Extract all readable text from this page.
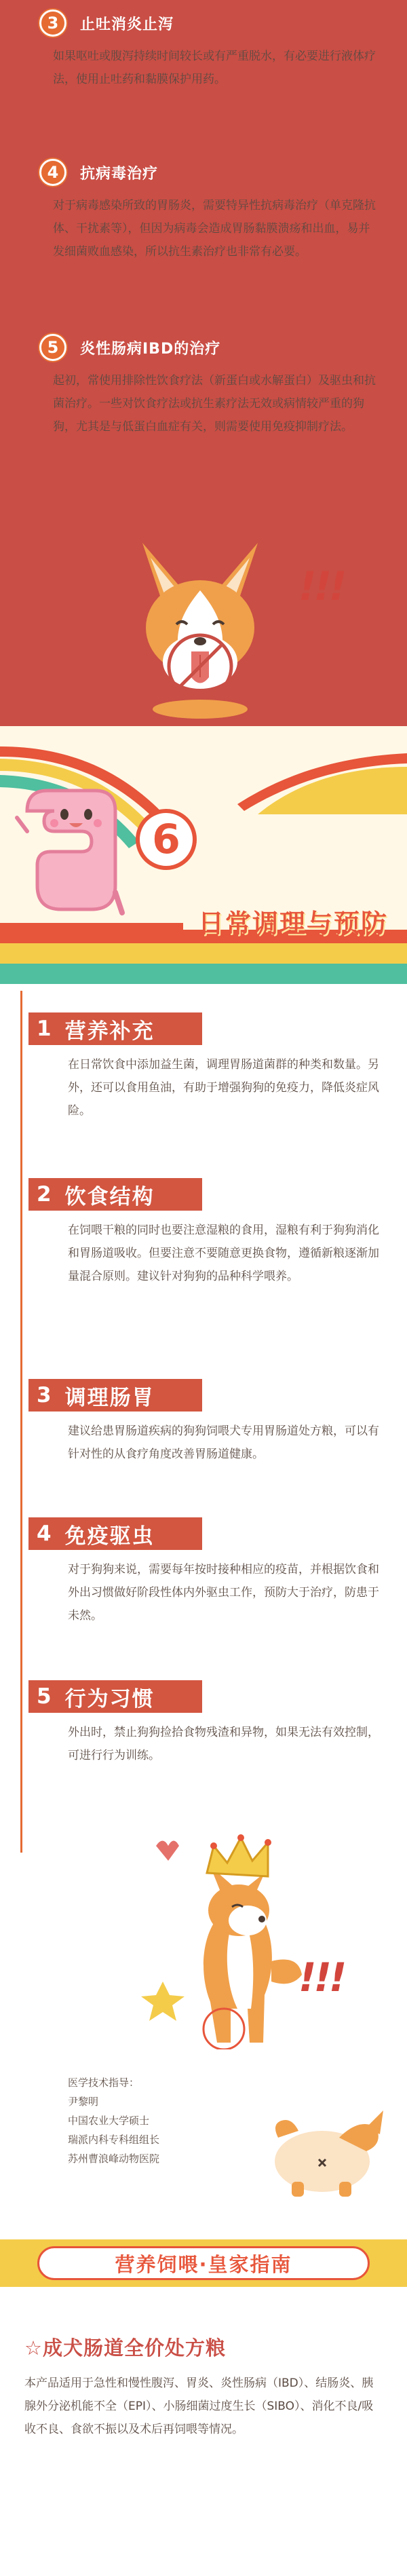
3	止吐消炎止泻
如果呕吐或腹泻持续时间较长或有严重脱水，有必要进行液体疗法，使用止吐药和黏膜保护用药。
4	抗病毒治疗
对于病毒感染所致的胃肠炎，需要特异性抗病毒治疗（单克隆抗体、干扰素等），但因为病毒会造成胃肠黏膜溃疡和出血，易并发细菌败血感染，所以抗生素治疗也非常有必要。
5	炎性肠病IBD的治疗
起初，常使用排除性饮食疗法（新蛋白或水解蛋白）及驱虫和抗菌治疗。一些对饮食疗法或抗生素疗法无效或病情较严重的狗狗，尤其是与低蛋白血症有关，则需要使用免疫抑制疗法。
!!!
6
日常调理与预防
1 营养补充
在日常饮食中添加益生菌，调理胃肠道菌群的种类和数量。另外，还可以食用鱼油，有助于增强狗狗的免疫力，降低炎症风险。
2 饮食结构
在饲喂干粮的同时也要注意湿粮的食用，湿粮有利于狗狗消化和胃肠道吸收。但要注意不要随意更换食物，遵循新粮逐渐加量混合原则。建议针对狗狗的品种科学喂养。
3 调理肠胃
建议给患胃肠道疾病的狗狗饲喂犬专用胃肠道处方粮，可以有针对性的从食疗角度改善胃肠道健康。
4 免疫驱虫
对于狗狗来说，需要每年按时接种相应的疫苗，并根据饮食和外出习惯做好阶段性体内外驱虫工作，预防大于治疗，防患于未然。
5 行为习惯
外出时，禁止狗狗捡拾食物残渣和异物，如果无法有效控制，可进行行为训练。
!!!
医学技术指导：
尹黎明
中国农业大学硕士
瑞派内科专科组组长
苏州曹浪峰动物医院
营养饲喂·皇家指南
☆成犬肠道全价处方粮
本产品适用于急性和慢性腹泻、胃炎、炎性肠病（IBD）、结肠炎、胰腺外分泌机能不全（EPI）、小肠细菌过度生长（SIBO）、消化不良/吸收不良、食欲不振以及术后再饲喂等情况。
